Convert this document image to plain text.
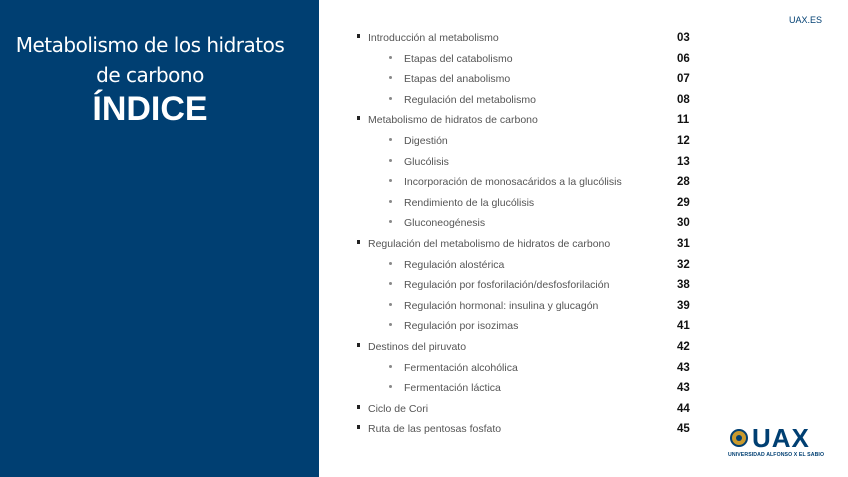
Metabolismo de los hidratos
de carbono
ÍNDICE
UAX.ES
Introducción al metabolismo	03
Etapas del catabolismo	06
Etapas del anabolismo	07
Regulación del metabolismo	08
Metabolismo de hidratos de carbono	11
Digestión	12
Glucólisis	13
Incorporación de monosacáridos a la glucólisis	28
Rendimiento de la glucólisis	29
Gluconeogénesis	30
Regulación del metabolismo de hidratos de carbono	31
Regulación alostérica	32
Regulación por fosforilación/desfosforilación	38
Regulación hormonal: insulina y glucagón	39
Regulación por isozimas	41
Destinos del piruvato	42
Fermentación alcohólica	43
Fermentación láctica	43
Ciclo de Cori	44
Ruta de las pentosas fosfato	45 UAX
UNIVERSIDAD ALFONSO X EL SABIO
